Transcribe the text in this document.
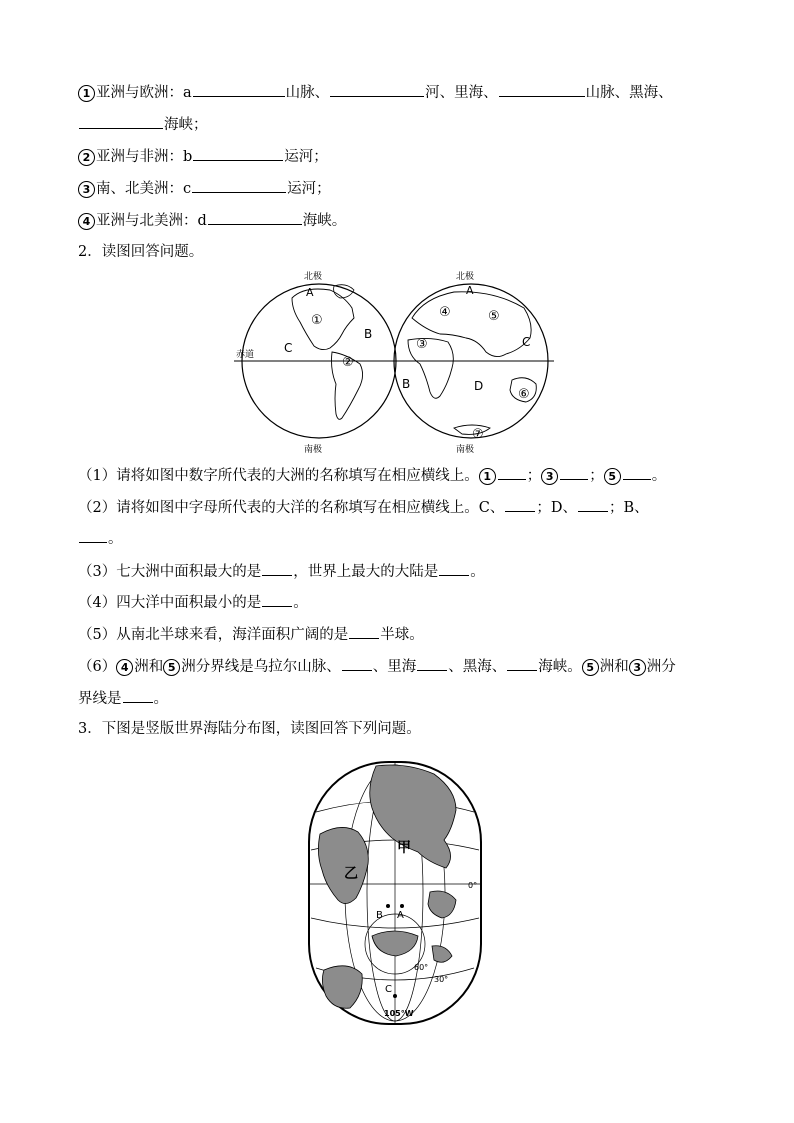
1 亚洲与欧洲：a	山脉、	河、里海、	山脉、黑海、
海峡；
2 亚洲与非洲：b	运河；
3 南、北美洲：c	运河；
4 亚洲与北美洲：d	海峡。
2．读图回答问题。
北极	北极
南极	南极
赤道
A	A
B
B
C	C
D
①
②
③
④	⑤
⑥
⑦
（1）请将如图中数字所代表的大洲的名称填写在相应横线上。 1 ； 3 ； 5 。
（2）请将如图中字母所代表的大洋的名称填写在相应横线上。C、 ；D、 ；B、
。
（3）七大洲中面积最大的是 ，世界上最大的大陆是 。
（4）四大洋中面积最小的是 。
（5）从南北半球来看，海洋面积广阔的是 半球。
（6） 4 洲和 5 洲分界线是乌拉尔山脉、 、里海 、黑海、 海峡。 5 洲和 3 洲分
界线是 。
3．下图是竖版世界海陆分布图，读图回答下列问题。
甲
乙
A
B
C
0°
60°
30°
105°W
